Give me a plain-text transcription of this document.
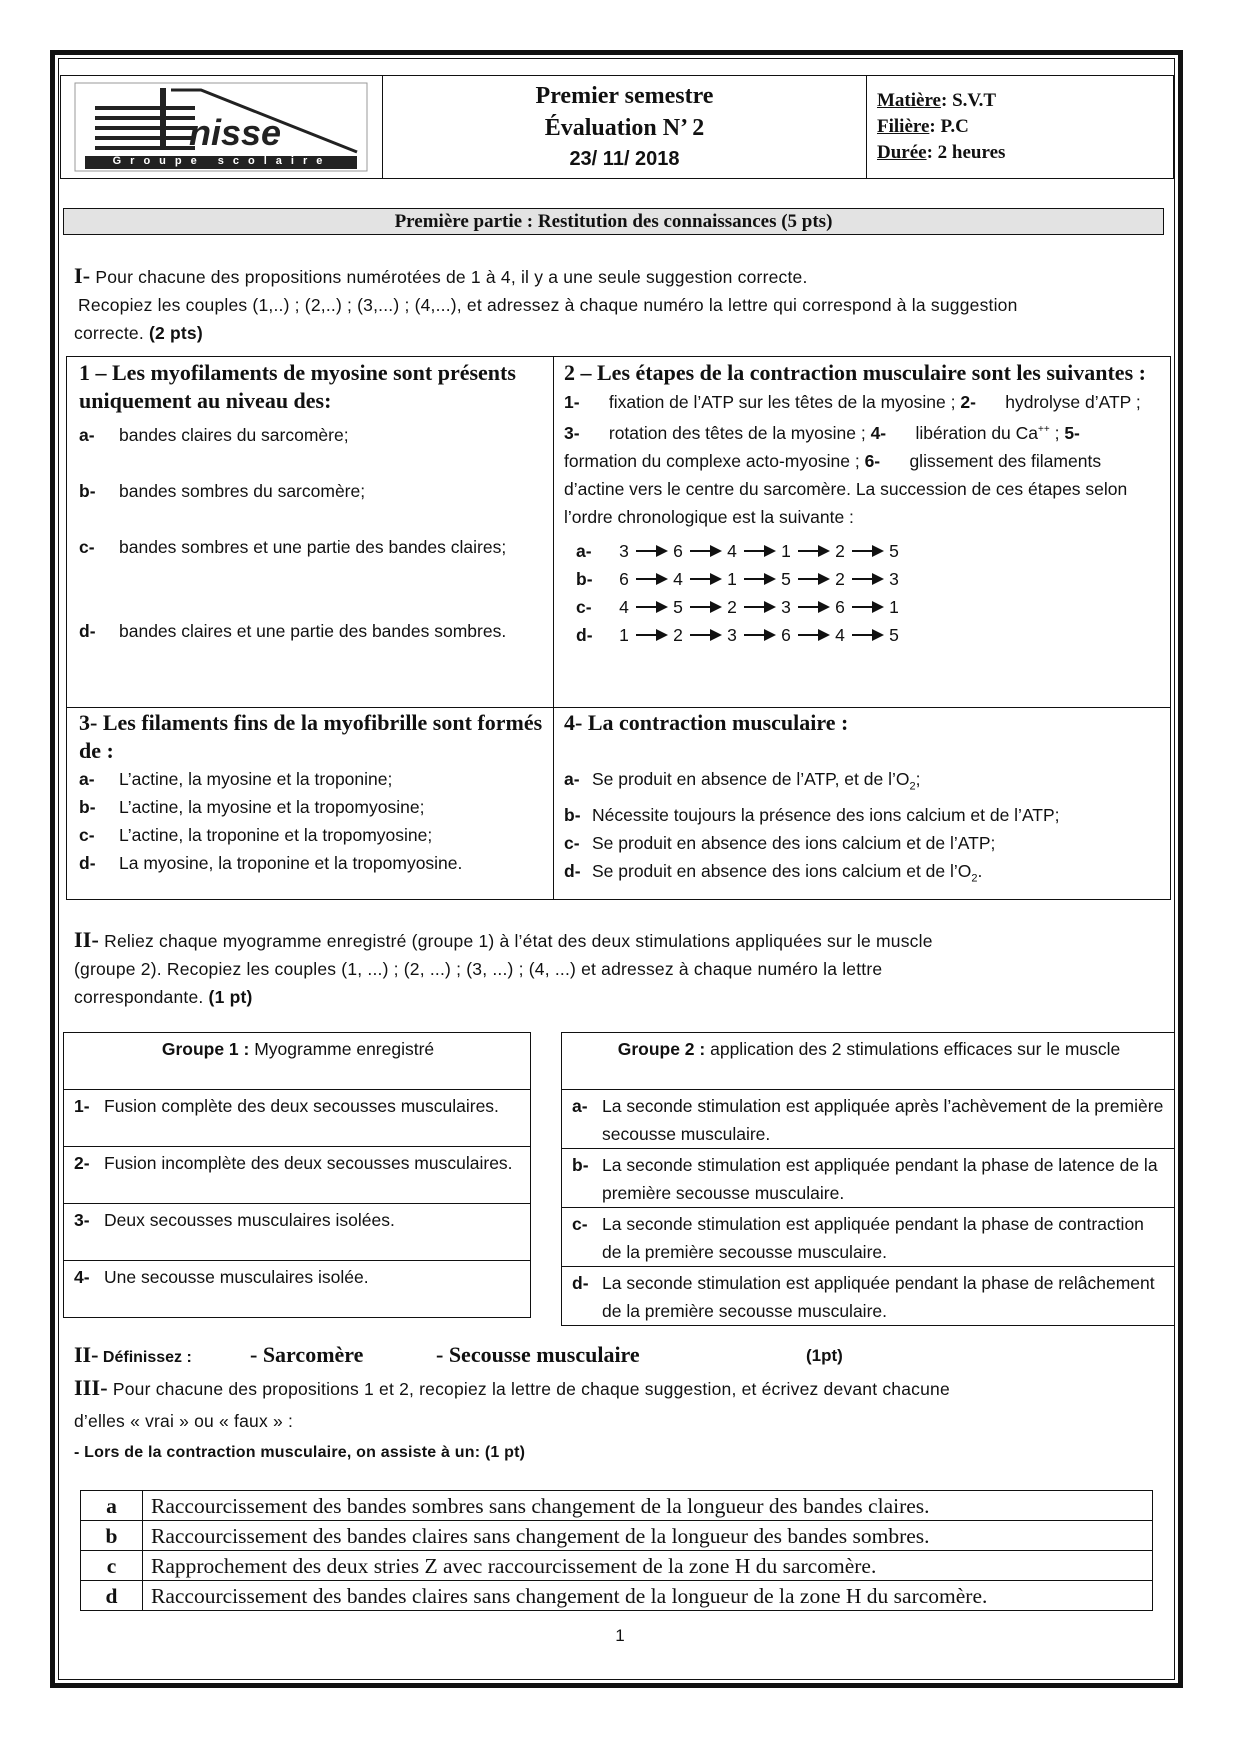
nisse
Groupe scolaire
Premier semestre
Évaluation N’ 2
23/ 11/ 2018
Matière: S.V.T
Filière: P.C
Durée: 2 heures
Première partie : Restitution des connaissances (5 pts)
I- Pour chacune des propositions numérotées de 1 à 4, il y a une seule suggestion correcte.
Recopiez les couples (1,..) ; (2,..) ; (3,...) ; (4,...), et adressez à chaque numéro la lettre qui correspond à la suggestion
correcte. (2 pts)
1 – Les myofilaments de myosine sont présents uniquement au niveau des:
a- bandes claires du sarcomère;
b- bandes sombres du sarcomère;
c- bandes sombres et une partie des bandes claires;
d- bandes claires et une partie des bandes sombres.
2 – Les étapes de la contraction musculaire sont les suivantes : 1- fixation de l’ATP sur les têtes de la myosine ; 2- hydrolyse d’ATP ; 3- rotation des têtes de la myosine ; 4- libération du Ca++ ; 5- formation du complexe acto-myosine ; 6- glissement des filaments d’actine vers le centre du sarcomère. La succession de ces étapes selon l’ordre chronologique est la suivante :
a-	3	6	4	1	2	5
b-	6	4	1	5	2	3
c-	4	5	2	3	6	1
d-	1	2	3	6	4	5
3- Les filaments fins de la myofibrille sont formés de :
a- L’actine, la myosine et la troponine;
b- L’actine, la myosine et la tropomyosine;
c- L’actine, la troponine et la tropomyosine;
d- La myosine, la troponine et la tropomyosine.
4- La contraction musculaire :
a- Se produit en absence de l’ATP, et de $l’O_2$;
b- Nécessite toujours la présence des ions calcium et de l’ATP;
c- Se produit en absence des ions calcium et de l’ATP;
d- Se produit en absence des ions calcium et de $l’O_2$.
II- Reliez chaque myogramme enregistré (groupe 1) à l’état des deux stimulations appliquées sur le muscle
(groupe 2). Recopiez les couples (1, ...) ; (2, ...) ; (3, ...) ; (4, ...) et adressez à chaque numéro la lettre
correspondante. (1 pt)
Groupe 1 : Myogramme enregistré

1- Fusion complète des deux secousses musculaires.

2- Fusion incomplète des deux secousses musculaires.

3- Deux secousses musculaires isolées.

4- Une secousse musculaires isolée.
Groupe 2 : application des 2 stimulations efficaces sur le muscle

a- La seconde stimulation est appliquée après l’achèvement de la première secousse musculaire.

b- La seconde stimulation est appliquée pendant la phase de latence de la première secousse musculaire.

c- La seconde stimulation est appliquée pendant la phase de contraction de la première secousse musculaire.

d- La seconde stimulation est appliquée pendant la phase de relâchement de la première secousse musculaire.
II- Définissez :	- Sarcomère	- Secousse musculaire	(1pt)
III- Pour chacune des propositions 1 et 2, recopiez la lettre de chaque suggestion, et écrivez devant chacune
d’elles « vrai » ou « faux » :
- Lors de la contraction musculaire, on assiste à un: (1 pt)
a	Raccourcissement des bandes sombres sans changement de la longueur des bandes claires.
b	Raccourcissement des bandes claires sans changement de la longueur des bandes sombres.
c	Rapprochement des deux stries Z avec raccourcissement de la zone H du sarcomère.
d	Raccourcissement des bandes claires sans changement de la longueur de la zone H du sarcomère.
1
